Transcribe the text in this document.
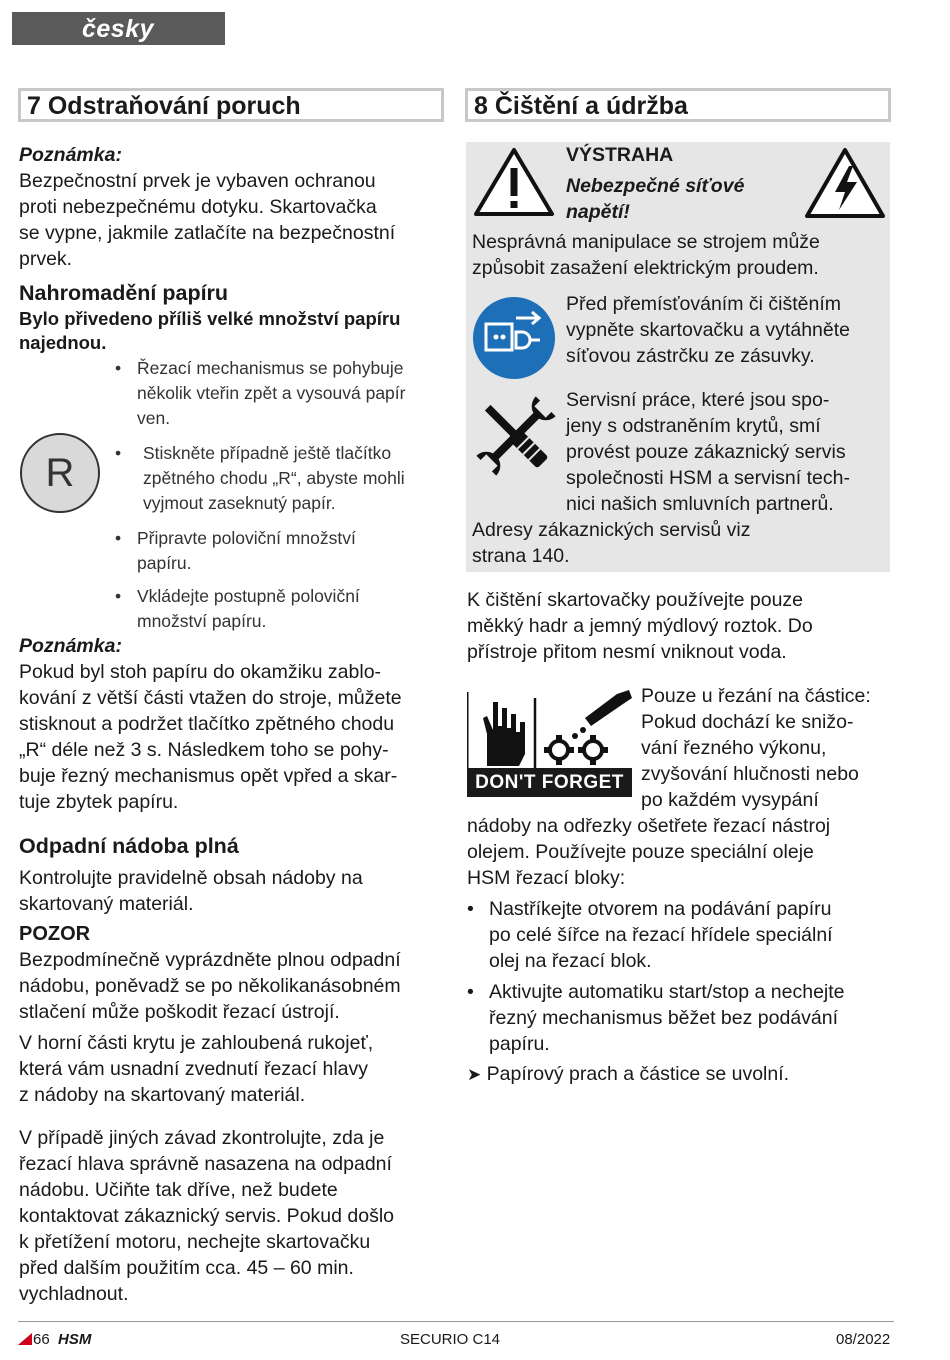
česky
7 Odstraňování poruch
Poznámka:
Bezpečnostní prvek je vybaven ochranou
proti nebezpečnému dotyku. Skartovačka
se vypne, jakmile zatlačíte na bezpečnostní
prvek.
Nahromadění papíru
Bylo přivedeno příliš velké množství papíru
najednou.
R
• Řezací mechanismus se pohybuje
několik vteřin zpět a vysouvá papír
ven.
• Stiskněte případně ještě tlačítko
zpětného chodu „R“, abyste mohli
vyjmout zaseknutý papír.
• Připravte poloviční množství
papíru.
• Vkládejte postupně poloviční
množství papíru.
Poznámka:
Pokud byl stoh papíru do okamžiku zablo-
kování z větší části vtažen do stroje, můžete
stisknout a podržet tlačítko zpětného chodu
„R“ déle než 3 s. Následkem toho se pohy-
buje řezný mechanismus opět vpřed a skar-
tuje zbytek papíru.
Odpadní nádoba plná
Kontrolujte pravidelně obsah nádoby na
skartovaný materiál.
POZOR
Bezpodmínečně vyprázdněte plnou odpadní
nádobu, poněvadž se po několikanásobném
stlačení může poškodit řezací ústrojí.
V horní části krytu je zahloubená rukojeť,
která vám usnadní zvednutí řezací hlavy
z nádoby na skartovaný materiál.
V případě jiných závad zkontrolujte, zda je
řezací hlava správně nasazena na odpadní
nádobu. Učiňte tak dříve, než budete
kontaktovat zákaznický servis. Pokud došlo
k přetížení motoru, nechejte skartovačku
před dalším použitím cca. 45 – 60 min.
vychladnout.
8 Čištění a údržba
VÝSTRAHA
Nebezpečné síťové
napětí!
Nesprávná manipulace se strojem může
způsobit zasažení elektrickým proudem.
Před přemísťováním či čištěním
vypněte skartovačku a vytáhněte
síťovou zástrčku ze zásuvky.
Servisní práce, které jsou spo-
jeny s odstraněním krytů, smí
provést pouze zákaznický servis
společnosti HSM a servisní tech-
nici našich smluvních partnerů.
Adresy zákaznických servisů viz
strana 140.
K čištění skartovačky používejte pouze
měkký hadr a jemný mýdlový roztok. Do
přístroje přitom nesmí vniknout voda.
DON'T FORGET
Pouze u řezání na částice:
Pokud dochází ke snižo-
vání řezného výkonu,
zvyšování hlučnosti nebo
po každém vysypání
nádoby na odřezky ošetřete řezací nástroj
olejem. Používejte pouze speciální oleje
HSM řezací bloky:
• Nastříkejte otvorem na podávání papíru
po celé šířce na řezací hřídele speciální
olej na řezací blok.
• Aktivujte automatiku start/stop a nechejte
řezný mechanismus běžet bez podávání
papíru.
➤ Papírový prach a částice se uvolní.
66 HSM	SECURIO C14	08/2022
